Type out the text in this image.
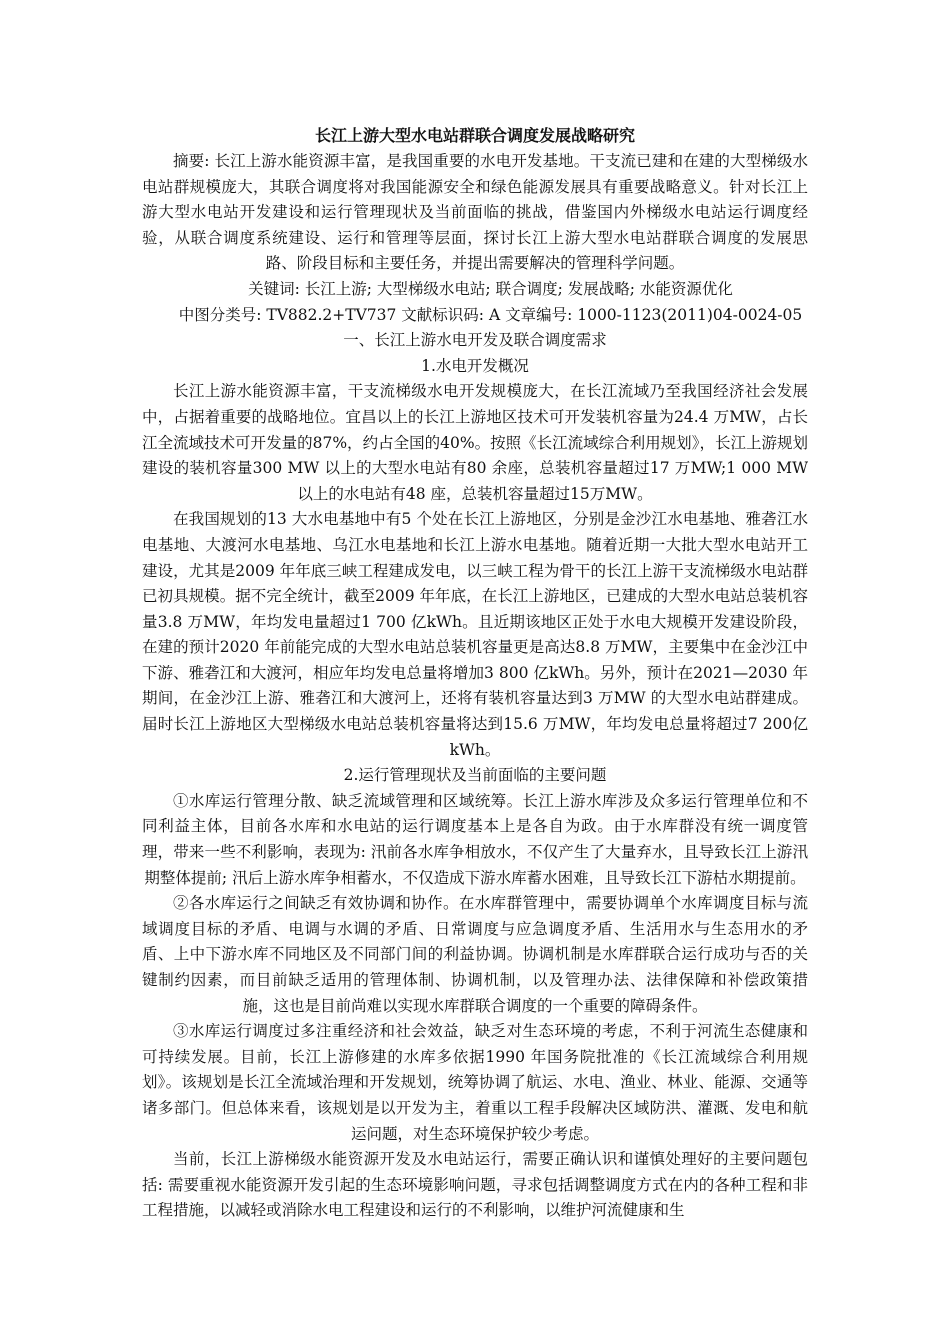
长江上游大型水电站群联合调度发展战略研究

摘要: 长江上游水能资源丰富，是我国重要的水电开发基地。干支流已建和在建的大型梯级水电站群规模庞大，其联合调度将对我国能源安全和绿色能源发展具有重要战略意义。针对长江上游大型水电站开发建设和运行管理现状及当前面临的挑战，借鉴国内外梯级水电站运行调度经验，从联合调度系统建设、运行和管理等层面，探讨长江上游大型水电站群联合调度的发展思路、阶段目标和主要任务，并提出需要解决的管理科学问题。

关键词: 长江上游; 大型梯级水电站; 联合调度; 发展战略; 水能资源优化

中图分类号: TV882.2+TV737 文献标识码: A 文章编号: 1000-1123(2011)04-0024-05

一、长江上游水电开发及联合调度需求

1.水电开发概况

长江上游水能资源丰富，干支流梯级水电开发规模庞大，在长江流域乃至我国经济社会发展中，占据着重要的战略地位。宜昌以上的长江上游地区技术可开发装机容量为24.4 万MW，占长江全流域技术可开发量的87%，约占全国的40%。按照《长江流域综合利用规划》，长江上游规划建设的装机容量300 MW 以上的大型水电站有80 余座，总装机容量超过17 万MW;1 000 MW 以上的水电站有48 座，总装机容量超过15万MW。

在我国规划的13 大水电基地中有5 个处在长江上游地区，分别是金沙江水电基地、雅砻江水电基地、大渡河水电基地、乌江水电基地和长江上游水电基地。随着近期一大批大型水电站开工建设，尤其是2009 年年底三峡工程建成发电，以三峡工程为骨干的长江上游干支流梯级水电站群已初具规模。据不完全统计，截至2009 年年底，在长江上游地区，已建成的大型水电站总装机容量3.8 万MW，年均发电量超过1 700 亿kWh。且近期该地区正处于水电大规模开发建设阶段，在建的预计2020 年前能完成的大型水电站总装机容量更是高达8.8 万MW，主要集中在金沙江中下游、雅砻江和大渡河，相应年均发电总量将增加3 800 亿kWh。另外，预计在2021—2030 年期间，在金沙江上游、雅砻江和大渡河上，还将有装机容量达到3 万MW 的大型水电站群建成。届时长江上游地区大型梯级水电站总装机容量将达到15.6 万MW，年均发电总量将超过7 200亿kWh。

2.运行管理现状及当前面临的主要问题

①水库运行管理分散、缺乏流域管理和区域统筹。长江上游水库涉及众多运行管理单位和不同利益主体，目前各水库和水电站的运行调度基本上是各自为政。由于水库群没有统一调度管理，带来一些不利影响，表现为: 汛前各水库争相放水，不仅产生了大量弃水，且导致长江上游汛期整体提前; 汛后上游水库争相蓄水，不仅造成下游水库蓄水困难，且导致长江下游枯水期提前。

②各水库运行之间缺乏有效协调和协作。在水库群管理中，需要协调单个水库调度目标与流域调度目标的矛盾、电调与水调的矛盾、日常调度与应急调度矛盾、生活用水与生态用水的矛盾、上中下游水库不同地区及不同部门间的利益协调。协调机制是水库群联合运行成功与否的关键制约因素，而目前缺乏适用的管理体制、协调机制，以及管理办法、法律保障和补偿政策措施，这也是目前尚难以实现水库群联合调度的一个重要的障碍条件。

③水库运行调度过多注重经济和社会效益，缺乏对生态环境的考虑，不利于河流生态健康和可持续发展。目前，长江上游修建的水库多依据1990 年国务院批准的《长江流域综合利用规划》。该规划是长江全流域治理和开发规划，统筹协调了航运、水电、渔业、林业、能源、交通等诸多部门。但总体来看，该规划是以开发为主，着重以工程手段解决区域防洪、灌溉、发电和航运问题，对生态环境保护较少考虑。

当前，长江上游梯级水能资源开发及水电站运行，需要正确认识和谨慎处理好的主要问题包括: 需要重视水能资源开发引起的生态环境影响问题，寻求包括调整调度方式在内的各种工程和非工程措施，以减轻或消除水电工程建设和运行的不利影响，以维护河流健康和生
